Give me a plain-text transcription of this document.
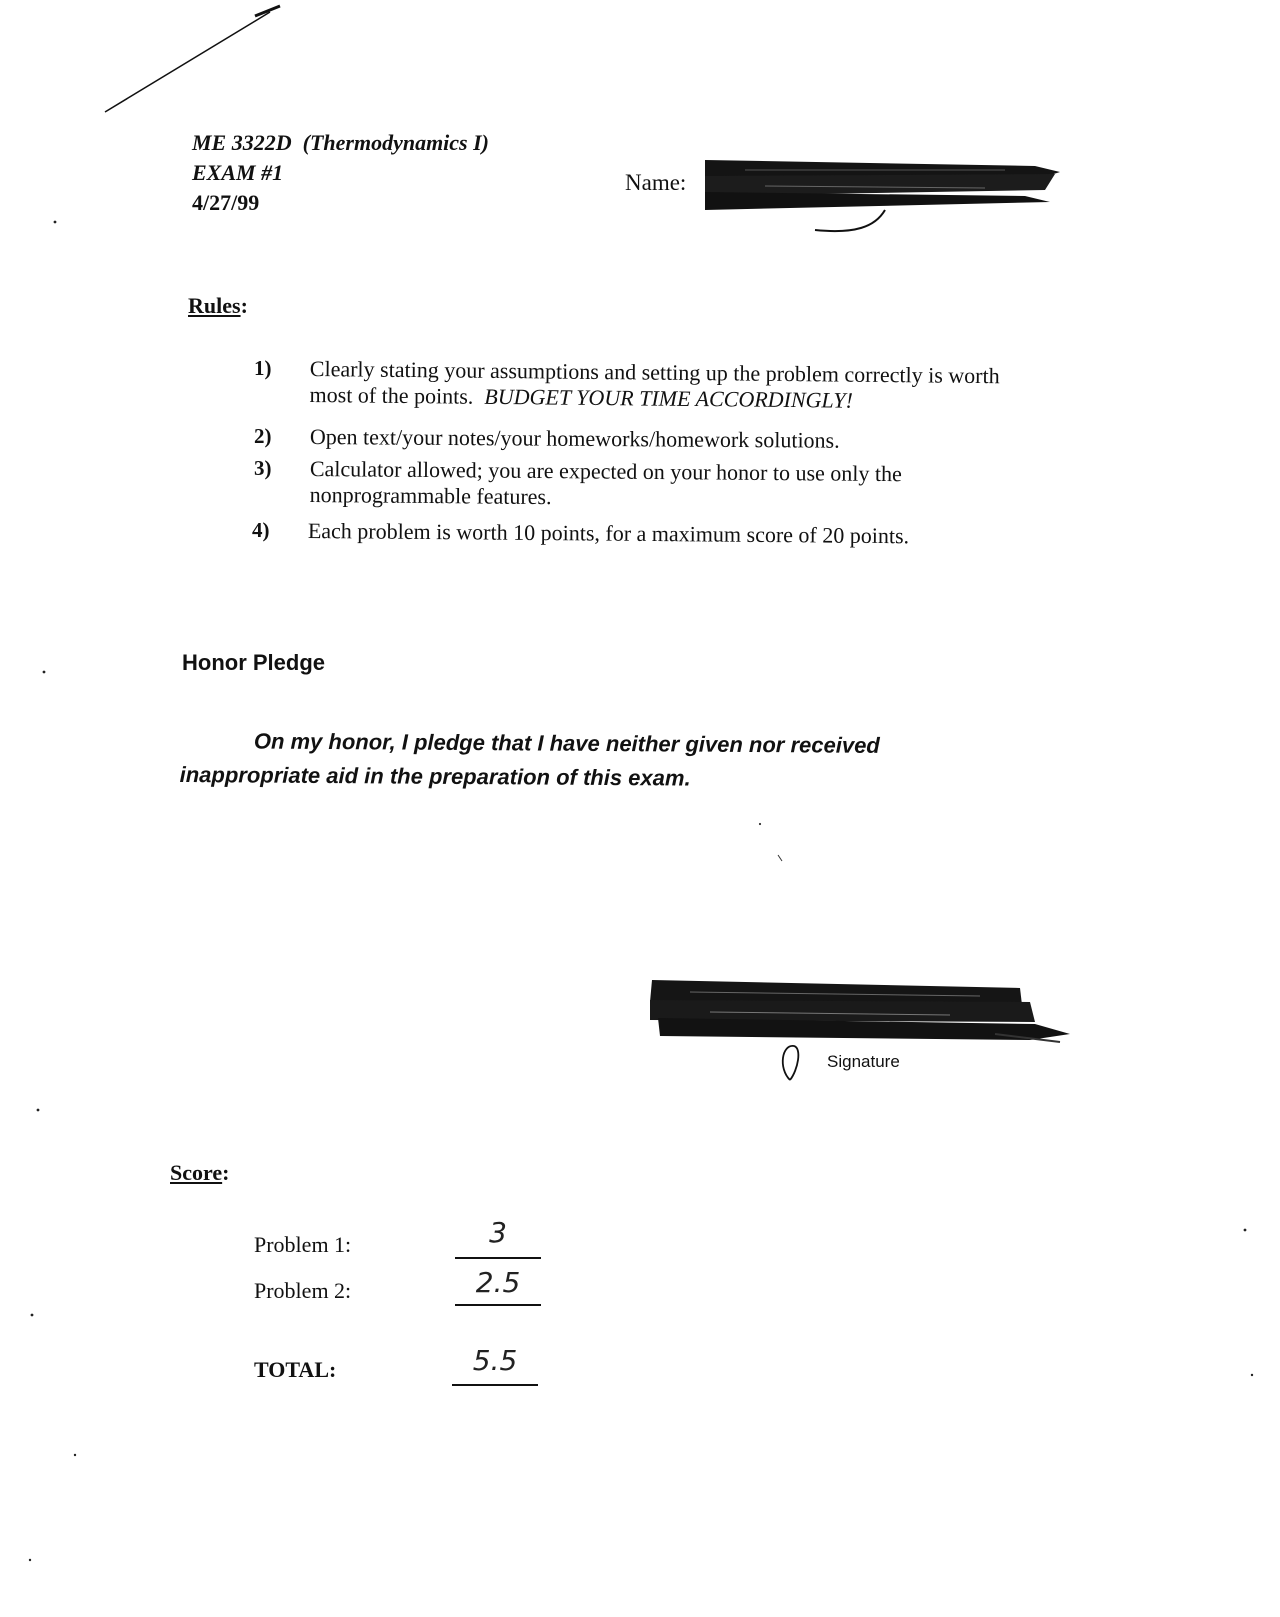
ME 3322D (Thermodynamics I)
EXAM #1
4/27/99
Name:
Rules:
1)	Clearly stating your assumptions and setting up the problem correctly is worth most of the points. BUDGET YOUR TIME ACCORDINGLY!
2)	Open text/your notes/your homeworks/homework solutions.
3)	Calculator allowed; you are expected on your honor to use only the nonprogrammable features.
4)	Each problem is worth 10 points, for a maximum score of 20 points.
Honor Pledge
On my honor, I pledge that I have neither given nor received inappropriate aid in the preparation of this exam.
Signature
Score:
Problem 1:	3
Problem 2:	2.5
TOTAL:	5.5
